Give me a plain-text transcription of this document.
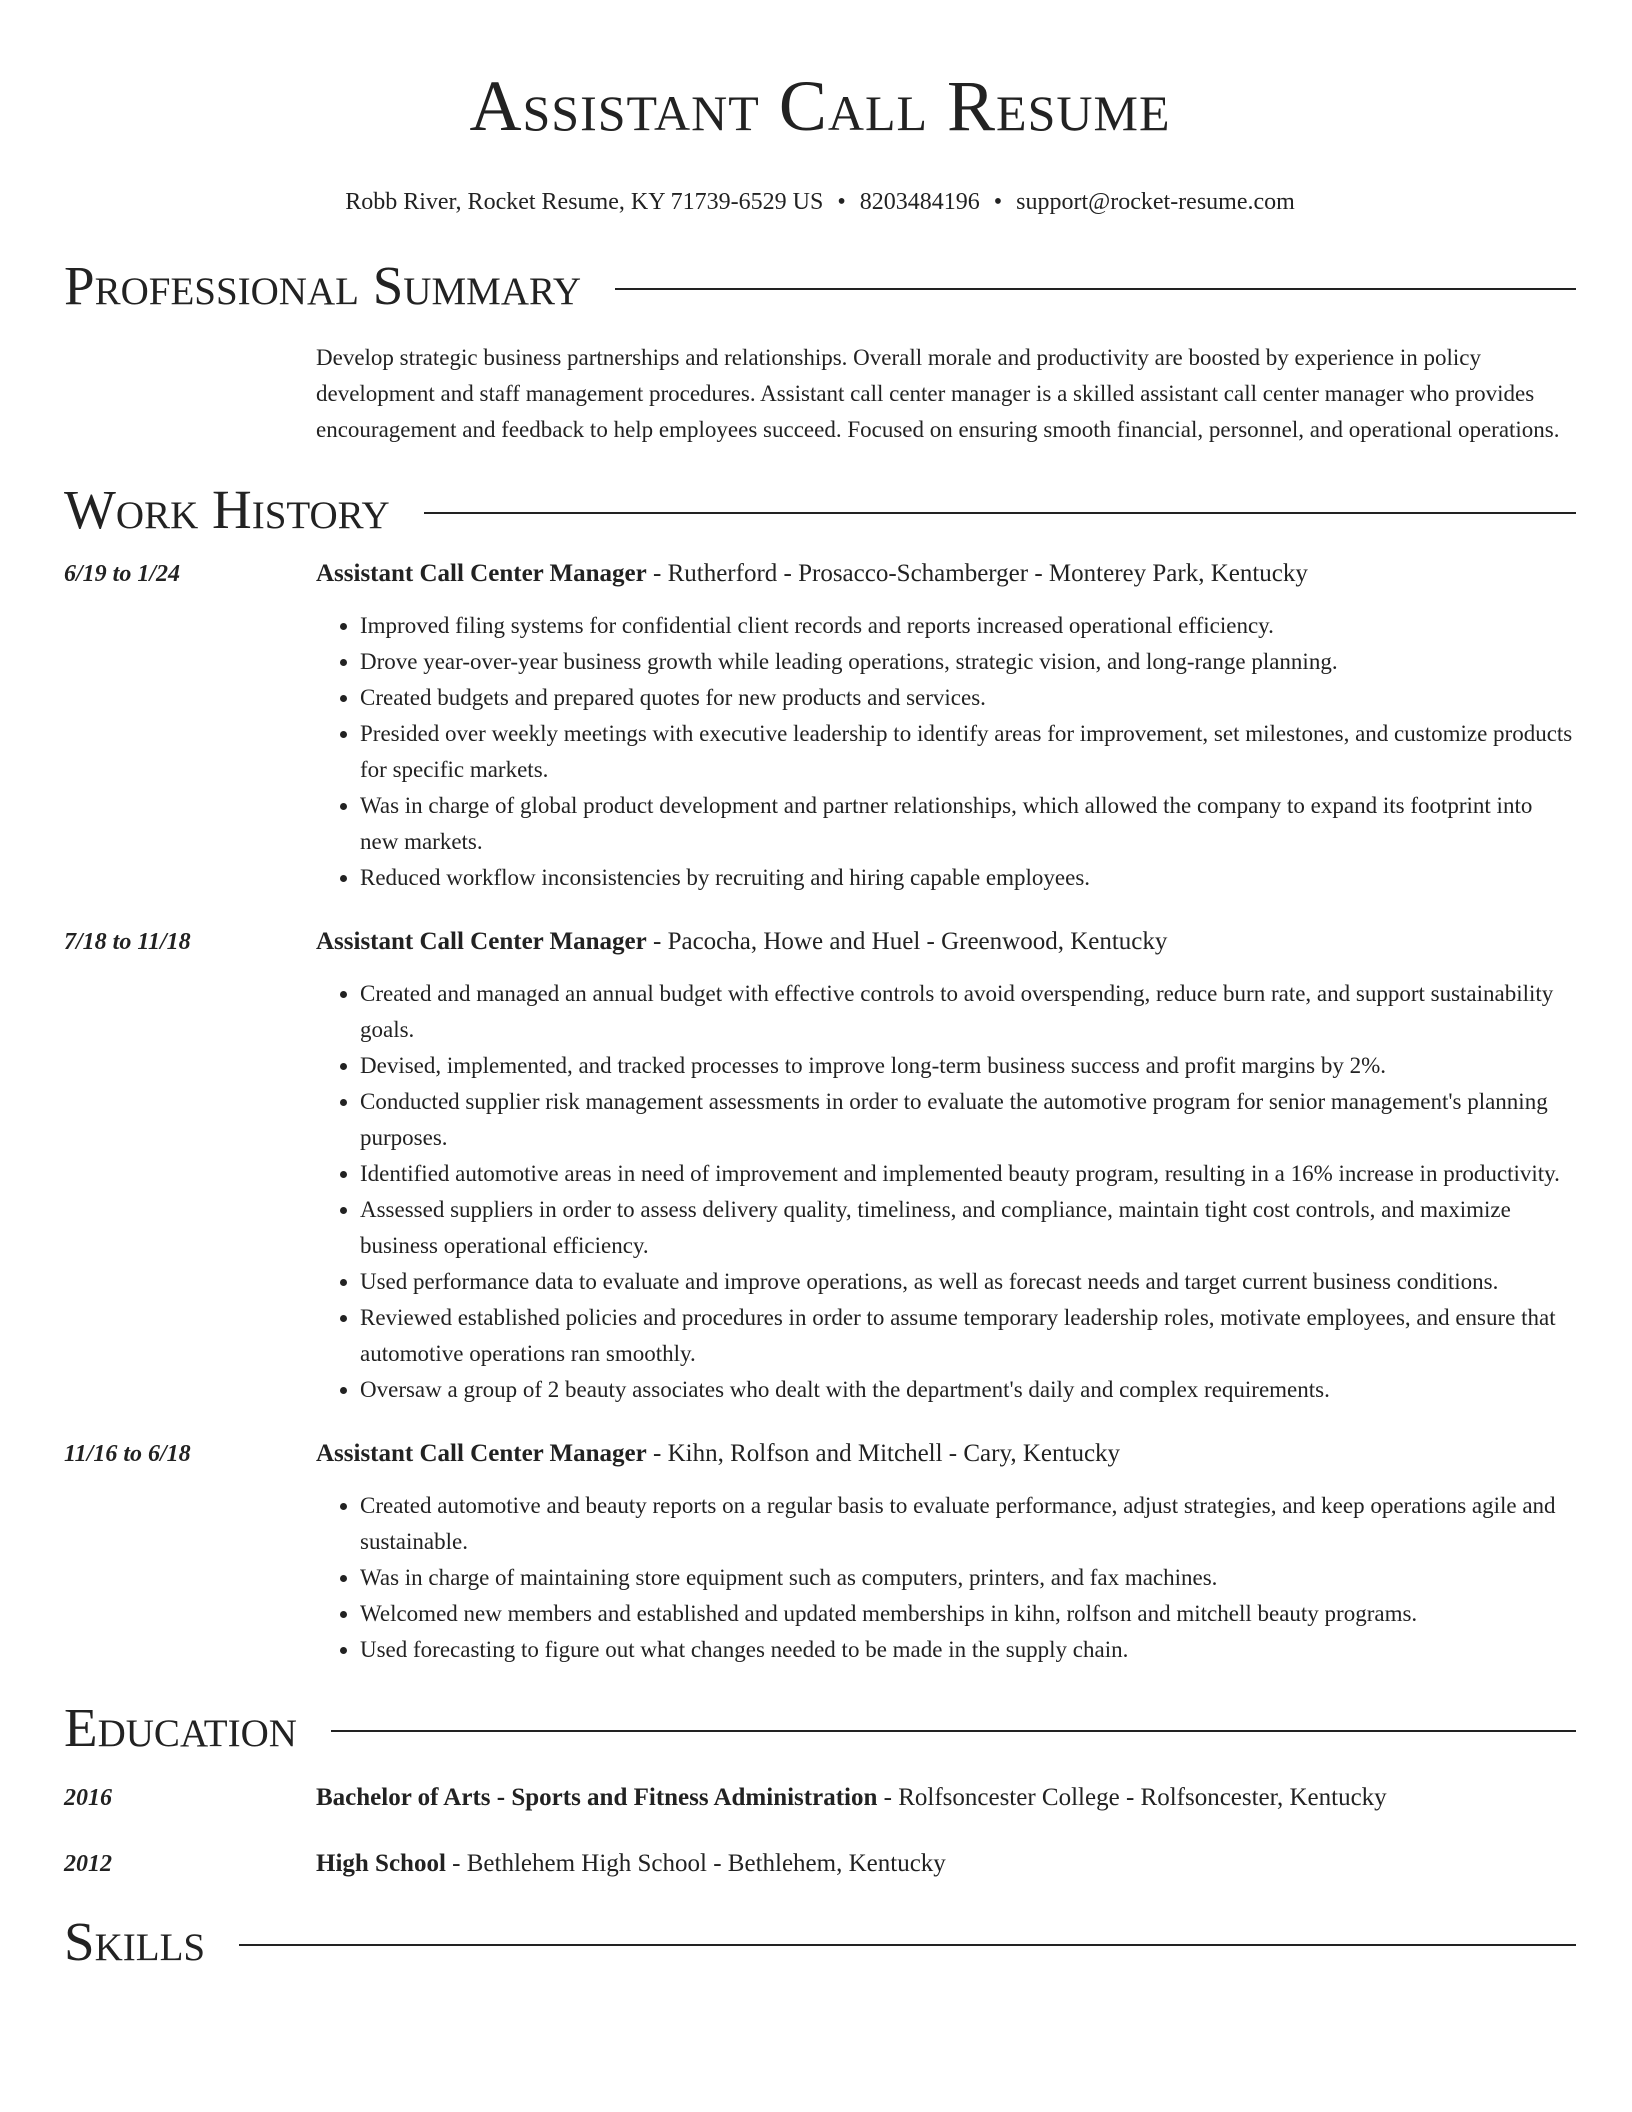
Assistant Call Resume
Robb River, Rocket Resume, KY 71739-6529 US • 8203484196 • support@rocket-resume.com
Professional Summary
Develop strategic business partnerships and relationships. Overall morale and productivity are boosted by experience in policy development and staff management procedures. Assistant call center manager is a skilled assistant call center manager who provides encouragement and feedback to help employees succeed. Focused on ensuring smooth financial, personnel, and operational operations.
Work History
6/19 to 1/24	Assistant Call Center Manager - Rutherford - Prosacco-Schamberger - Monterey Park, Kentucky
• Improved filing systems for confidential client records and reports increased operational efficiency.
• Drove year-over-year business growth while leading operations, strategic vision, and long-range planning.
• Created budgets and prepared quotes for new products and services.
• Presided over weekly meetings with executive leadership to identify areas for improvement, set milestones, and customize products for specific markets.
• Was in charge of global product development and partner relationships, which allowed the company to expand its footprint into new markets.
• Reduced workflow inconsistencies by recruiting and hiring capable employees.
7/18 to 11/18	Assistant Call Center Manager - Pacocha, Howe and Huel - Greenwood, Kentucky
• Created and managed an annual budget with effective controls to avoid overspending, reduce burn rate, and support sustainability goals.
• Devised, implemented, and tracked processes to improve long-term business success and profit margins by 2%.
• Conducted supplier risk management assessments in order to evaluate the automotive program for senior management's planning purposes.
• Identified automotive areas in need of improvement and implemented beauty program, resulting in a 16% increase in productivity.
• Assessed suppliers in order to assess delivery quality, timeliness, and compliance, maintain tight cost controls, and maximize business operational efficiency.
• Used performance data to evaluate and improve operations, as well as forecast needs and target current business conditions.
• Reviewed established policies and procedures in order to assume temporary leadership roles, motivate employees, and ensure that automotive operations ran smoothly.
• Oversaw a group of 2 beauty associates who dealt with the department's daily and complex requirements.
11/16 to 6/18	Assistant Call Center Manager - Kihn, Rolfson and Mitchell - Cary, Kentucky
• Created automotive and beauty reports on a regular basis to evaluate performance, adjust strategies, and keep operations agile and sustainable.
• Was in charge of maintaining store equipment such as computers, printers, and fax machines.
• Welcomed new members and established and updated memberships in kihn, rolfson and mitchell beauty programs.
• Used forecasting to figure out what changes needed to be made in the supply chain.
Education
2016	Bachelor of Arts - Sports and Fitness Administration - Rolfsoncester College - Rolfsoncester, Kentucky
2012	High School - Bethlehem High School - Bethlehem, Kentucky
Skills
